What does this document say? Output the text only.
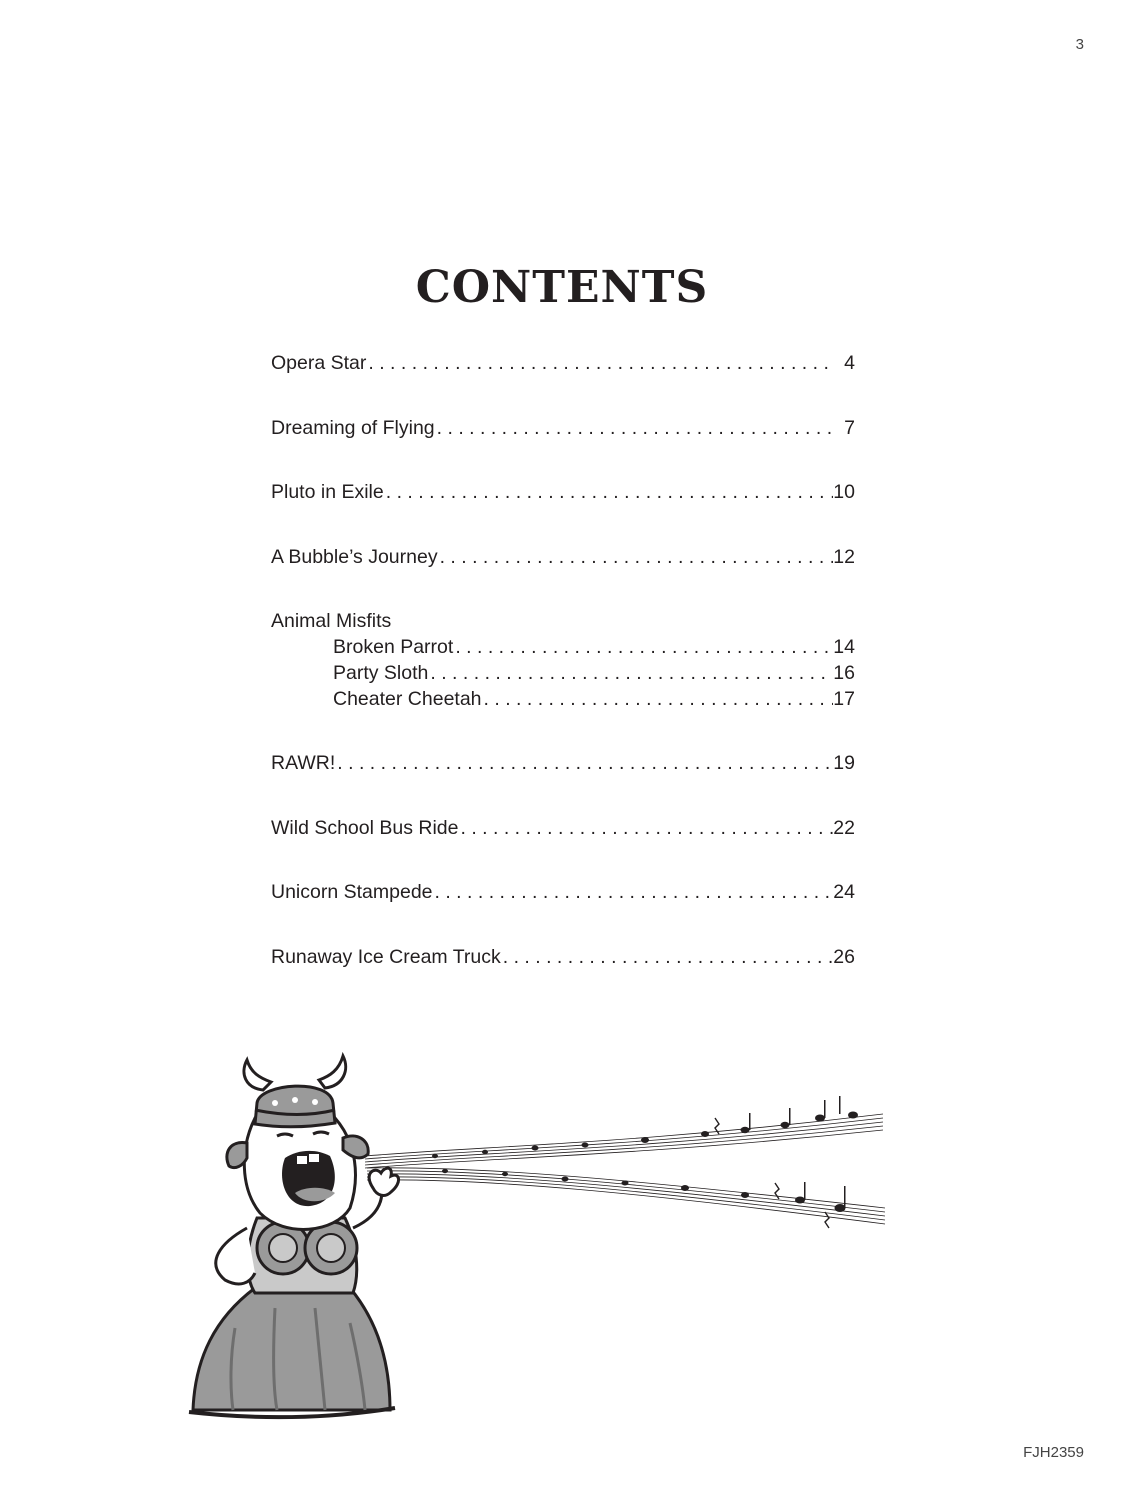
3
CONTENTS
Opera Star . . .	4
Dreaming of Flying . . .	7
Pluto in Exile . . .	10
A Bubble’s Journey . . .	12
Animal Misfits
Broken Parrot . . .	14
Party Sloth . . .	16
Cheater Cheetah . . .	17
RAWR! . . .	19
Wild School Bus Ride . . .	22
Unicorn Stampede . . .	24
Runaway Ice Cream Truck . . .	26
FJH2359
